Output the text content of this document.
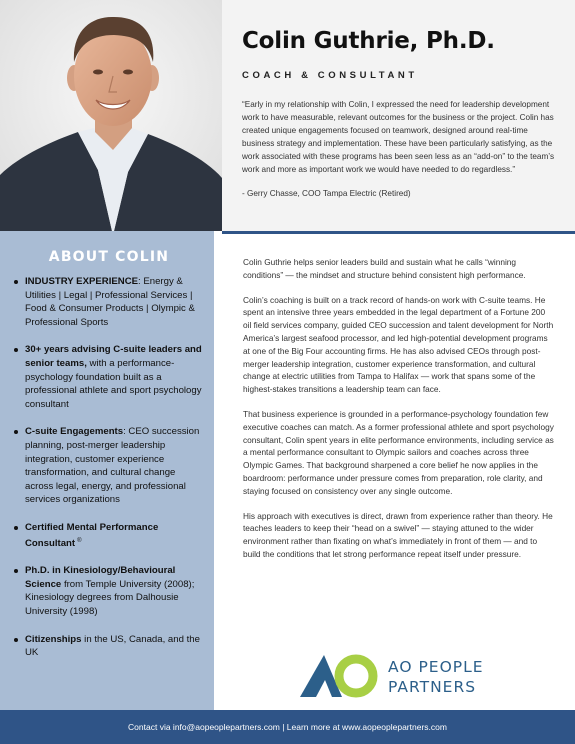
Colin Guthrie, Ph.D.
COACH & CONSULTANT

“Early in my relationship with Colin, I expressed the need for leadership development work to have measurable, relevant outcomes for the business or the project. Colin has created unique engagements focused on teamwork, designed around real-time business strategy and implementation. These have been particularly satisfying, as the work associated with these programs has been seen less as an “add-on” to the team’s work and more as important work we would have needed to do regardless.”

- Gerry Chasse, COO Tampa Electric (Retired)

ABOUT COLIN
INDUSTRY EXPERIENCE: Energy & Utilities | Legal | Professional Services | Food & Consumer Products | Olympic & Professional Sports
30+ years advising C-suite leaders and senior teams, with a performance-psychology foundation built as a professional athlete and sport psychology consultant
C-suite Engagements: CEO succession planning, post-merger leadership integration, customer experience transformation, and cultural change across legal, energy, and professional services organizations
Certified Mental Performance Consultant ®
Ph.D. in Kinesiology/Behavioural Science from Temple University (2008); Kinesiology degrees from Dalhousie University (1998)
Citizenships in the US, Canada, and the UK

Colin Guthrie helps senior leaders build and sustain what he calls “winning conditions” — the mindset and structure behind consistent high performance.

Colin’s coaching is built on a track record of hands-on work with C-suite teams. He spent an intensive three years embedded in the legal department of a Fortune 200 oil field services company, guided CEO succession and talent development for North America’s largest seafood processor, and led high-potential development programs at one of the Big Four accounting firms. He has also advised CEOs through post-merger leadership integration, customer experience transformation, and cultural change at electric utilities from Tampa to Halifax — work that spans some of the highest-stakes transitions a leadership team can face.

That business experience is grounded in a performance-psychology foundation few executive coaches can match. As a former professional athlete and sport psychology consultant, Colin spent years in elite performance environments, including service as a mental performance consultant to Olympic sailors and coaches across three Olympic Games. That background sharpened a core belief he now applies in the boardroom: performance under pressure comes from preparation, role clarity, and staying focused on consistency over any single outcome.

His approach with executives is direct, drawn from experience rather than theory. He teaches leaders to keep their “head on a swivel” — staying attuned to the wider environment rather than fixating on what’s immediately in front of them — and to build the conditions that let strong performance repeat itself under pressure.

AO PEOPLE
PARTNERS
Contact via info@aopeoplepartners.com | Learn more at www.aopeoplepartners.com
